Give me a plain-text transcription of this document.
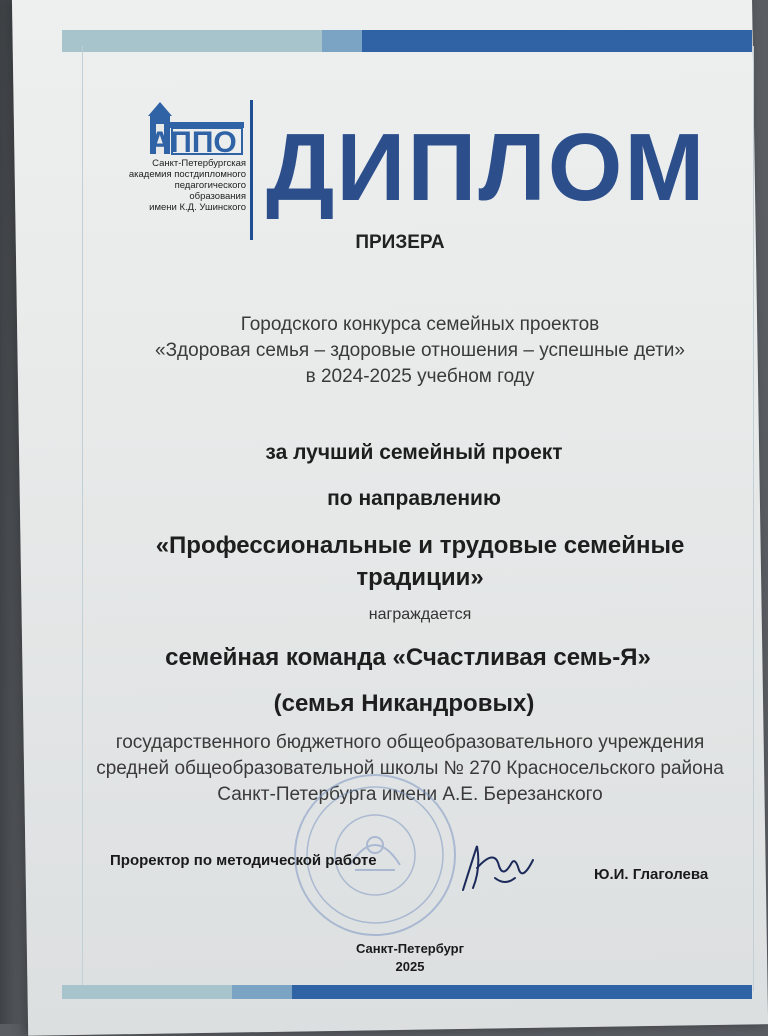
АППО
Санкт-Петербургская
академия постдипломного
педагогического образования
имени К.Д. Ушинского ДИПЛОМ
ПРИЗЕРА
Городского конкурса семейных проектов
«Здоровая семья – здоровые отношения – успешные дети»
в 2024-2025 учебном году
за лучший семейный проект
по направлению
«Профессиональные и трудовые семейные
традиции»
награждается
семейная команда «Счастливая семь-Я»
(семья Никандровых)
государственного бюджетного общеобразовательного учреждения
средней общеобразовательной школы № 270 Красносельского района
Санкт-Петербурга имени А.Е. Березанского
Проректор по методической работе
Ю.И. Глаголева
Санкт-Петербург
2025
